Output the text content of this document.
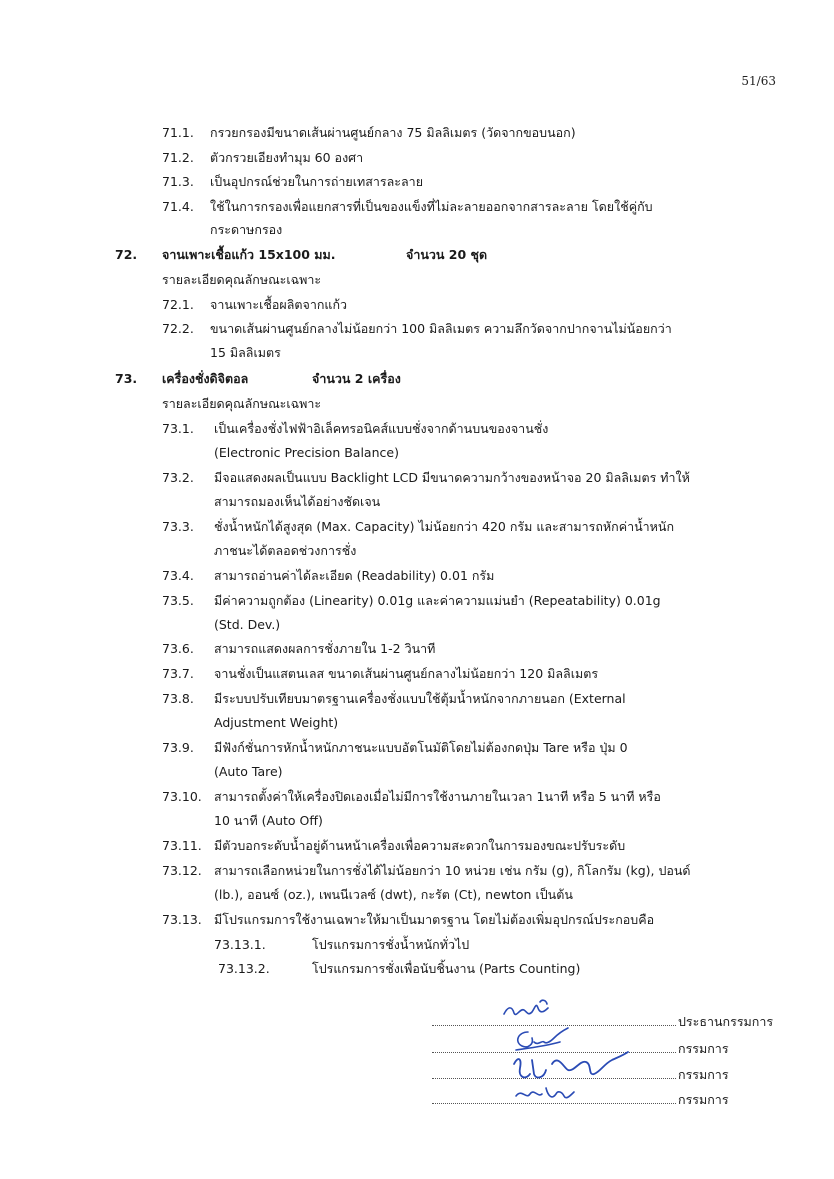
51/63
71.1. กรวยกรองมีขนาดเส้นผ่านศูนย์กลาง 75 มิลลิเมตร (วัดจากขอบนอก)
71.2. ตัวกรวยเอียงทำมุม 60 องศา
71.3. เป็นอุปกรณ์ช่วยในการถ่ายเทสารละลาย
71.4. ใช้ในการกรองเพื่อแยกสารที่เป็นของแข็งที่ไม่ละลายออกจากสารละลาย โดยใช้คู่กับ
กระดาษกรอง
72. จานเพาะเชื้อแก้ว 15x100 มม.	จำนวน 20 ชุด
รายละเอียดคุณลักษณะเฉพาะ
72.1. จานเพาะเชื้อผลิตจากแก้ว
72.2. ขนาดเส้นผ่านศูนย์กลางไม่น้อยกว่า 100 มิลลิเมตร ความลึกวัดจากปากจานไม่น้อยกว่า
15 มิลลิเมตร
73. เครื่องชั่งดิจิตอล	จำนวน 2 เครื่อง
รายละเอียดคุณลักษณะเฉพาะ
73.1. เป็นเครื่องชั่งไฟฟ้าอิเล็คทรอนิคส์แบบชั่งจากด้านบนของจานชั่ง
(Electronic Precision Balance)
73.2. มีจอแสดงผลเป็นแบบ Backlight LCD มีขนาดความกว้างของหน้าจอ 20 มิลลิเมตร ทำให้
สามารถมองเห็นได้อย่างชัดเจน
73.3. ชั่งน้ำหนักได้สูงสุด (Max. Capacity) ไม่น้อยกว่า 420 กรัม และสามารถหักค่าน้ำหนัก
ภาชนะได้ตลอดช่วงการชั่ง
73.4. สามารถอ่านค่าได้ละเอียด (Readability) 0.01 กรัม
73.5. มีค่าความถูกต้อง (Linearity) 0.01g และค่าความแม่นยำ (Repeatability) 0.01g
(Std. Dev.)
73.6. สามารถแสดงผลการชั่งภายใน 1-2 วินาที
73.7. จานชั่งเป็นแสตนเลส ขนาดเส้นผ่านศูนย์กลางไม่น้อยกว่า 120 มิลลิเมตร
73.8. มีระบบปรับเทียบมาตรฐานเครื่องชั่งแบบใช้ตุ้มน้ำหนักจากภายนอก (External
Adjustment Weight)
73.9. มีฟังก์ชั่นการหักน้ำหนักภาชนะแบบอัตโนมัติโดยไม่ต้องกดปุ่ม Tare หรือ ปุ่ม 0
(Auto Tare)
73.10. สามารถตั้งค่าให้เครื่องปิดเองเมื่อไม่มีการใช้งานภายในเวลา 1นาที หรือ 5 นาที หรือ
10 นาที (Auto Off)
73.11. มีตัวบอกระดับน้ำอยู่ด้านหน้าเครื่องเพื่อความสะดวกในการมองขณะปรับระดับ
73.12. สามารถเลือกหน่วยในการชั่งได้ไม่น้อยกว่า 10 หน่วย เช่น กรัม (g), กิโลกรัม (kg), ปอนด์
(lb.), ออนซ์ (oz.), เพนนีเวลซ์ (dwt), กะรัต (Ct), newton เป็นต้น
73.13. มีโปรแกรมการใช้งานเฉพาะให้มาเป็นมาตรฐาน โดยไม่ต้องเพิ่มอุปกรณ์ประกอบคือ
73.13.1.	โปรแกรมการชั่งน้ำหนักทั่วไป
73.13.2.	โปรแกรมการชั่งเพื่อนับชิ้นงาน (Parts Counting)
ประธานกรรมการ
กรรมการ
กรรมการ
กรรมการ
